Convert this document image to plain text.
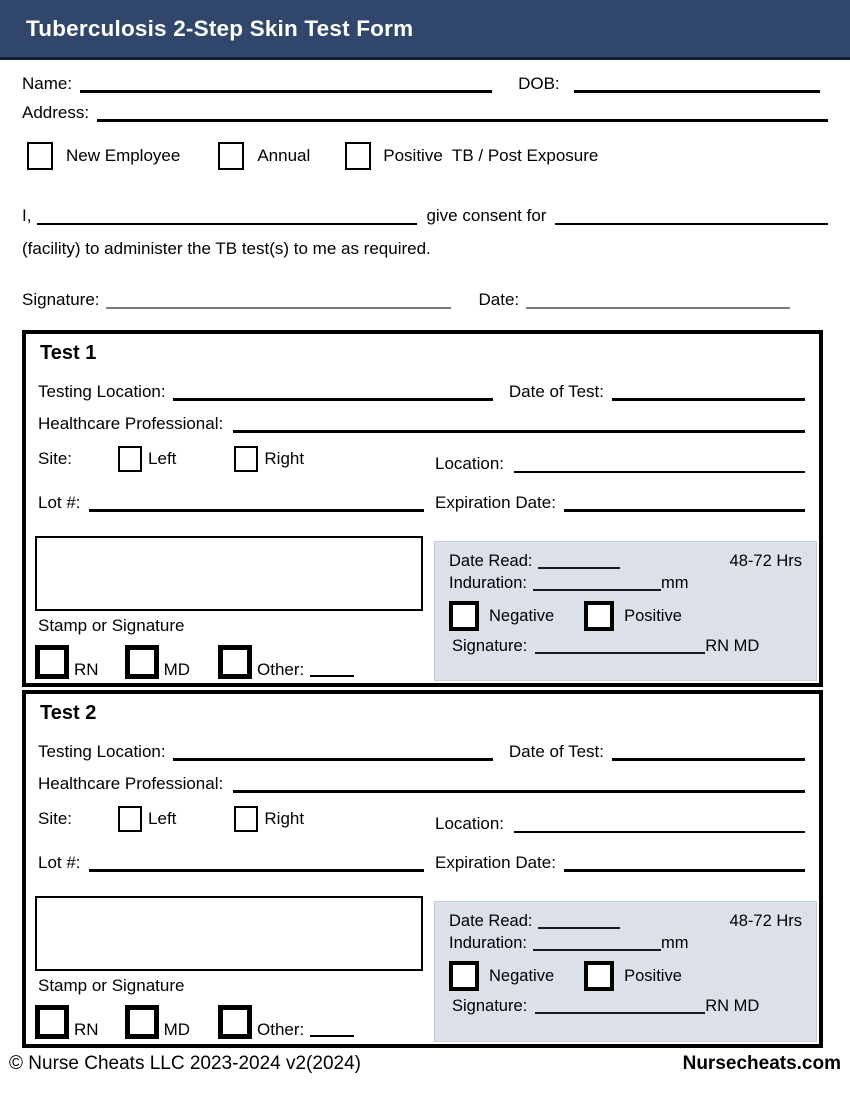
Tuberculosis 2-Step Skin Test Form
Name:	DOB:
Address:
New Employee	Annual	Positive  TB / Post Exposure
I,	give consent for
(facility) to administer the TB test(s) to me as required.
Signature:	Date:
Test 1
Testing Location:	Date of Test:
Healthcare Professional:
Site:	Left	Right	Location:
Lot #:	Expiration Date:
Stamp or Signature
RN	MD	Other:
Date Read:	48-72 Hrs
Induration:	mm
Negative	Positive
Signature:	RN MD
Test 2
Testing Location:	Date of Test:
Healthcare Professional:
Site:	Left	Right	Location:
Lot #:	Expiration Date:
Stamp or Signature
RN	MD	Other:
Date Read:	48-72 Hrs
Induration:	mm
Negative	Positive
Signature:	RN MD
© Nurse Cheats LLC 2023-2024 v2(2024)	Nursecheats.com
